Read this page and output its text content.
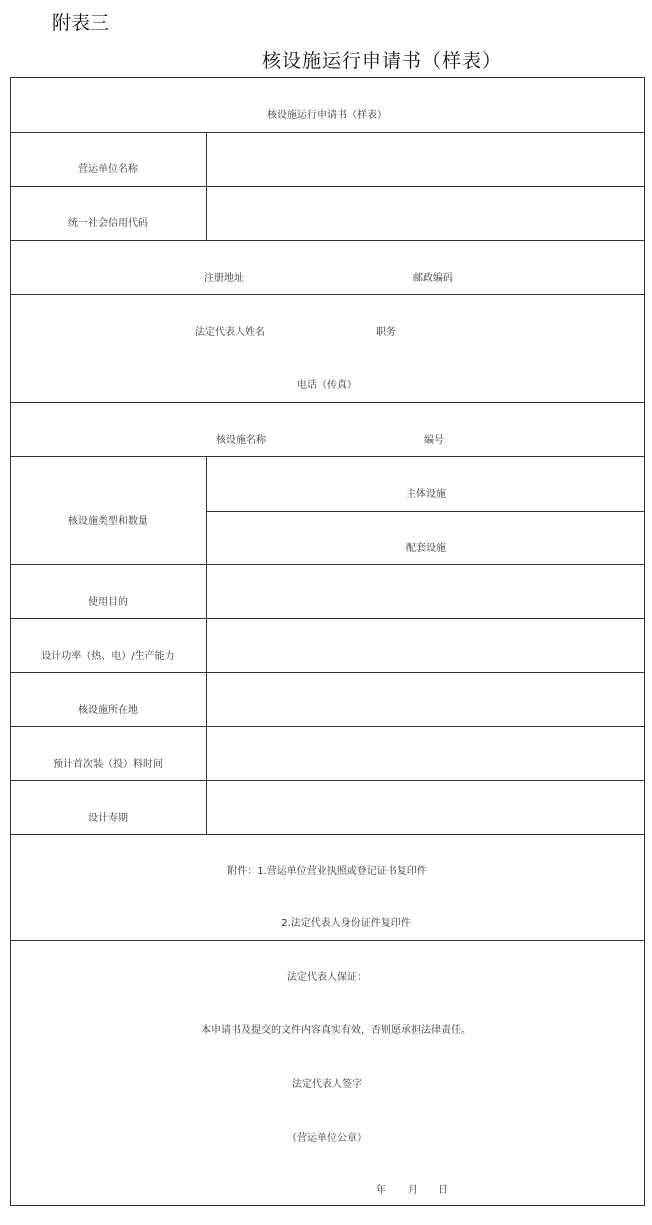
附表三
核设施运行申请书（样表）
核设施运行申请书（样表）
营运单位名称
统一社会信用代码
注册地址	邮政编码
法定代表人姓名	职务
电话（传真）
核设施名称	编号
核设施类型和数量
主体设施
配套设施
使用目的
设计功率（热、电）/生产能力
核设施所在地
预计首次装（投）料时间
设计寿期
附件：1.营运单位营业执照或登记证书复印件
2.法定代表人身份证件复印件
法定代表人保证：
本申请书及提交的文件内容真实有效，否则愿承担法律责任。
法定代表人签字
（营运单位公章）
年 月 日
